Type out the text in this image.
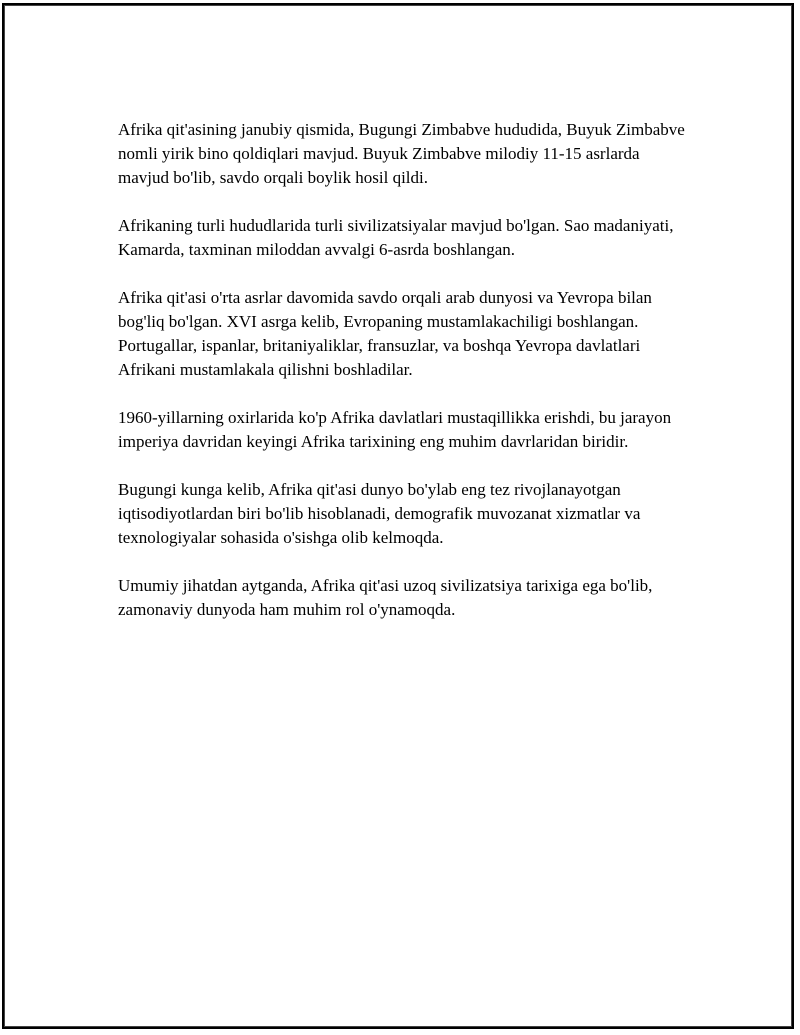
Afrika qit'asining janubiy qismida, Bugungi Zimbabve hududida, Buyuk Zimbabve nomli yirik bino qoldiqlari mavjud. Buyuk Zimbabve milodiy 11-15 asrlarda mavjud bo'lib, savdo orqali boylik hosil qildi.

Afrikaning turli hududlarida turli sivilizatsiyalar mavjud bo'lgan. Sao madaniyati, Kamarda, taxminan miloddan avvalgi 6-asrda boshlangan.

Afrika qit'asi o'rta asrlar davomida savdo orqali arab dunyosi va Yevropa bilan bog'liq bo'lgan. XVI asrga kelib, Evropaning mustamlakachiligi boshlangan. Portugallar, ispanlar, britaniyaliklar, fransuzlar, va boshqa Yevropa davlatlari Afrikani mustamlakala qilishni boshladilar.

1960-yillarning oxirlarida ko'p Afrika davlatlari mustaqillikka erishdi, bu jarayon imperiya davridan keyingi Afrika tarixining eng muhim davrlaridan biridir.

Bugungi kunga kelib, Afrika qit'asi dunyo bo'ylab eng tez rivojlanayotgan iqtisodiyotlardan biri bo'lib hisoblanadi, demografik muvozanat xizmatlar va texnologiyalar sohasida o'sishga olib kelmoqda.

Umumiy jihatdan aytganda, Afrika qit'asi uzoq sivilizatsiya tarixiga ega bo'lib, zamonaviy dunyoda ham muhim rol o'ynamoqda.
